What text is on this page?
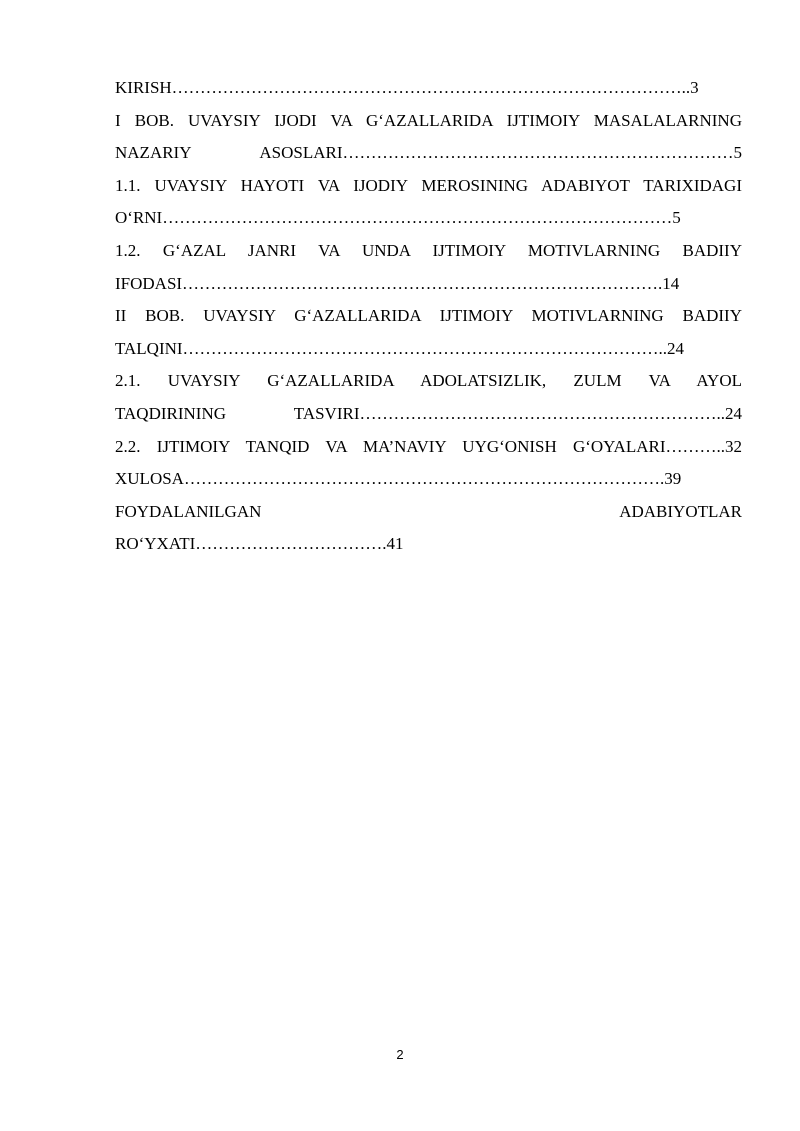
KIRISH………………………………………………………………………………..3
I BOB. UVAYSIY IJODI VA G‘AZALLARIDA IJTIMOIY MASALALARNING
NAZARIY ASOSLARI……………………………………………………………5
1.1. UVAYSIY HAYOTI VA IJODIY MEROSINING ADABIYOT TARIXIDAGI
O‘RNI………………………………………………………………………………5
1.2. G‘AZAL JANRI VA UNDA IJTIMOIY MOTIVLARNING BADIIY
IFODASI………………………………………………………………………….14
II BOB. UVAYSIY G‘AZALLARIDA IJTIMOIY MOTIVLARNING BADIIY
TALQINI…………………………………………………………………………..24
2.1. UVAYSIY G‘AZALLARIDA ADOLATSIZLIK, ZULM VA AYOL
TAQDIRINING TASVIRI………………………………………………………..24
2.2. IJTIMOIY TANQID VA MA’NAVIY UYG‘ONISH G‘OYALARI………..32
XULOSA………………………………………………………………………….39
FOYDALANILGAN ADABIYOTLAR
RO‘YXATI…………………………….41
2
